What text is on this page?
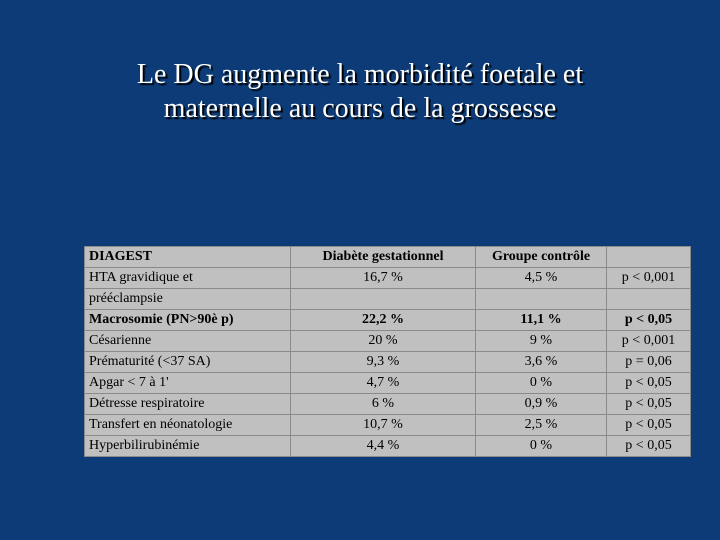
Le DG augmente la morbidité foetale et
maternelle au cours de la grossesse
DIAGEST	Diabète gestationnel	Groupe contrôle	
HTA gravidique et	16,7 %	4,5 %	p < 0,001
prééclampsie			
Macrosomie (PN>90è p)	22,2 %	11,1 %	p < 0,05
Césarienne	20 %	9 %	p < 0,001
Prématurité (<37 SA)	9,3 %	3,6 %	p = 0,06
Apgar < 7 à 1'	4,7 %	0 %	p < 0,05
Détresse respiratoire	6 %	0,9 %	p < 0,05
Transfert en néonatologie	10,7 %	2,5 %	p < 0,05
Hyperbilirubinémie	4,4 %	0 %	p < 0,05
